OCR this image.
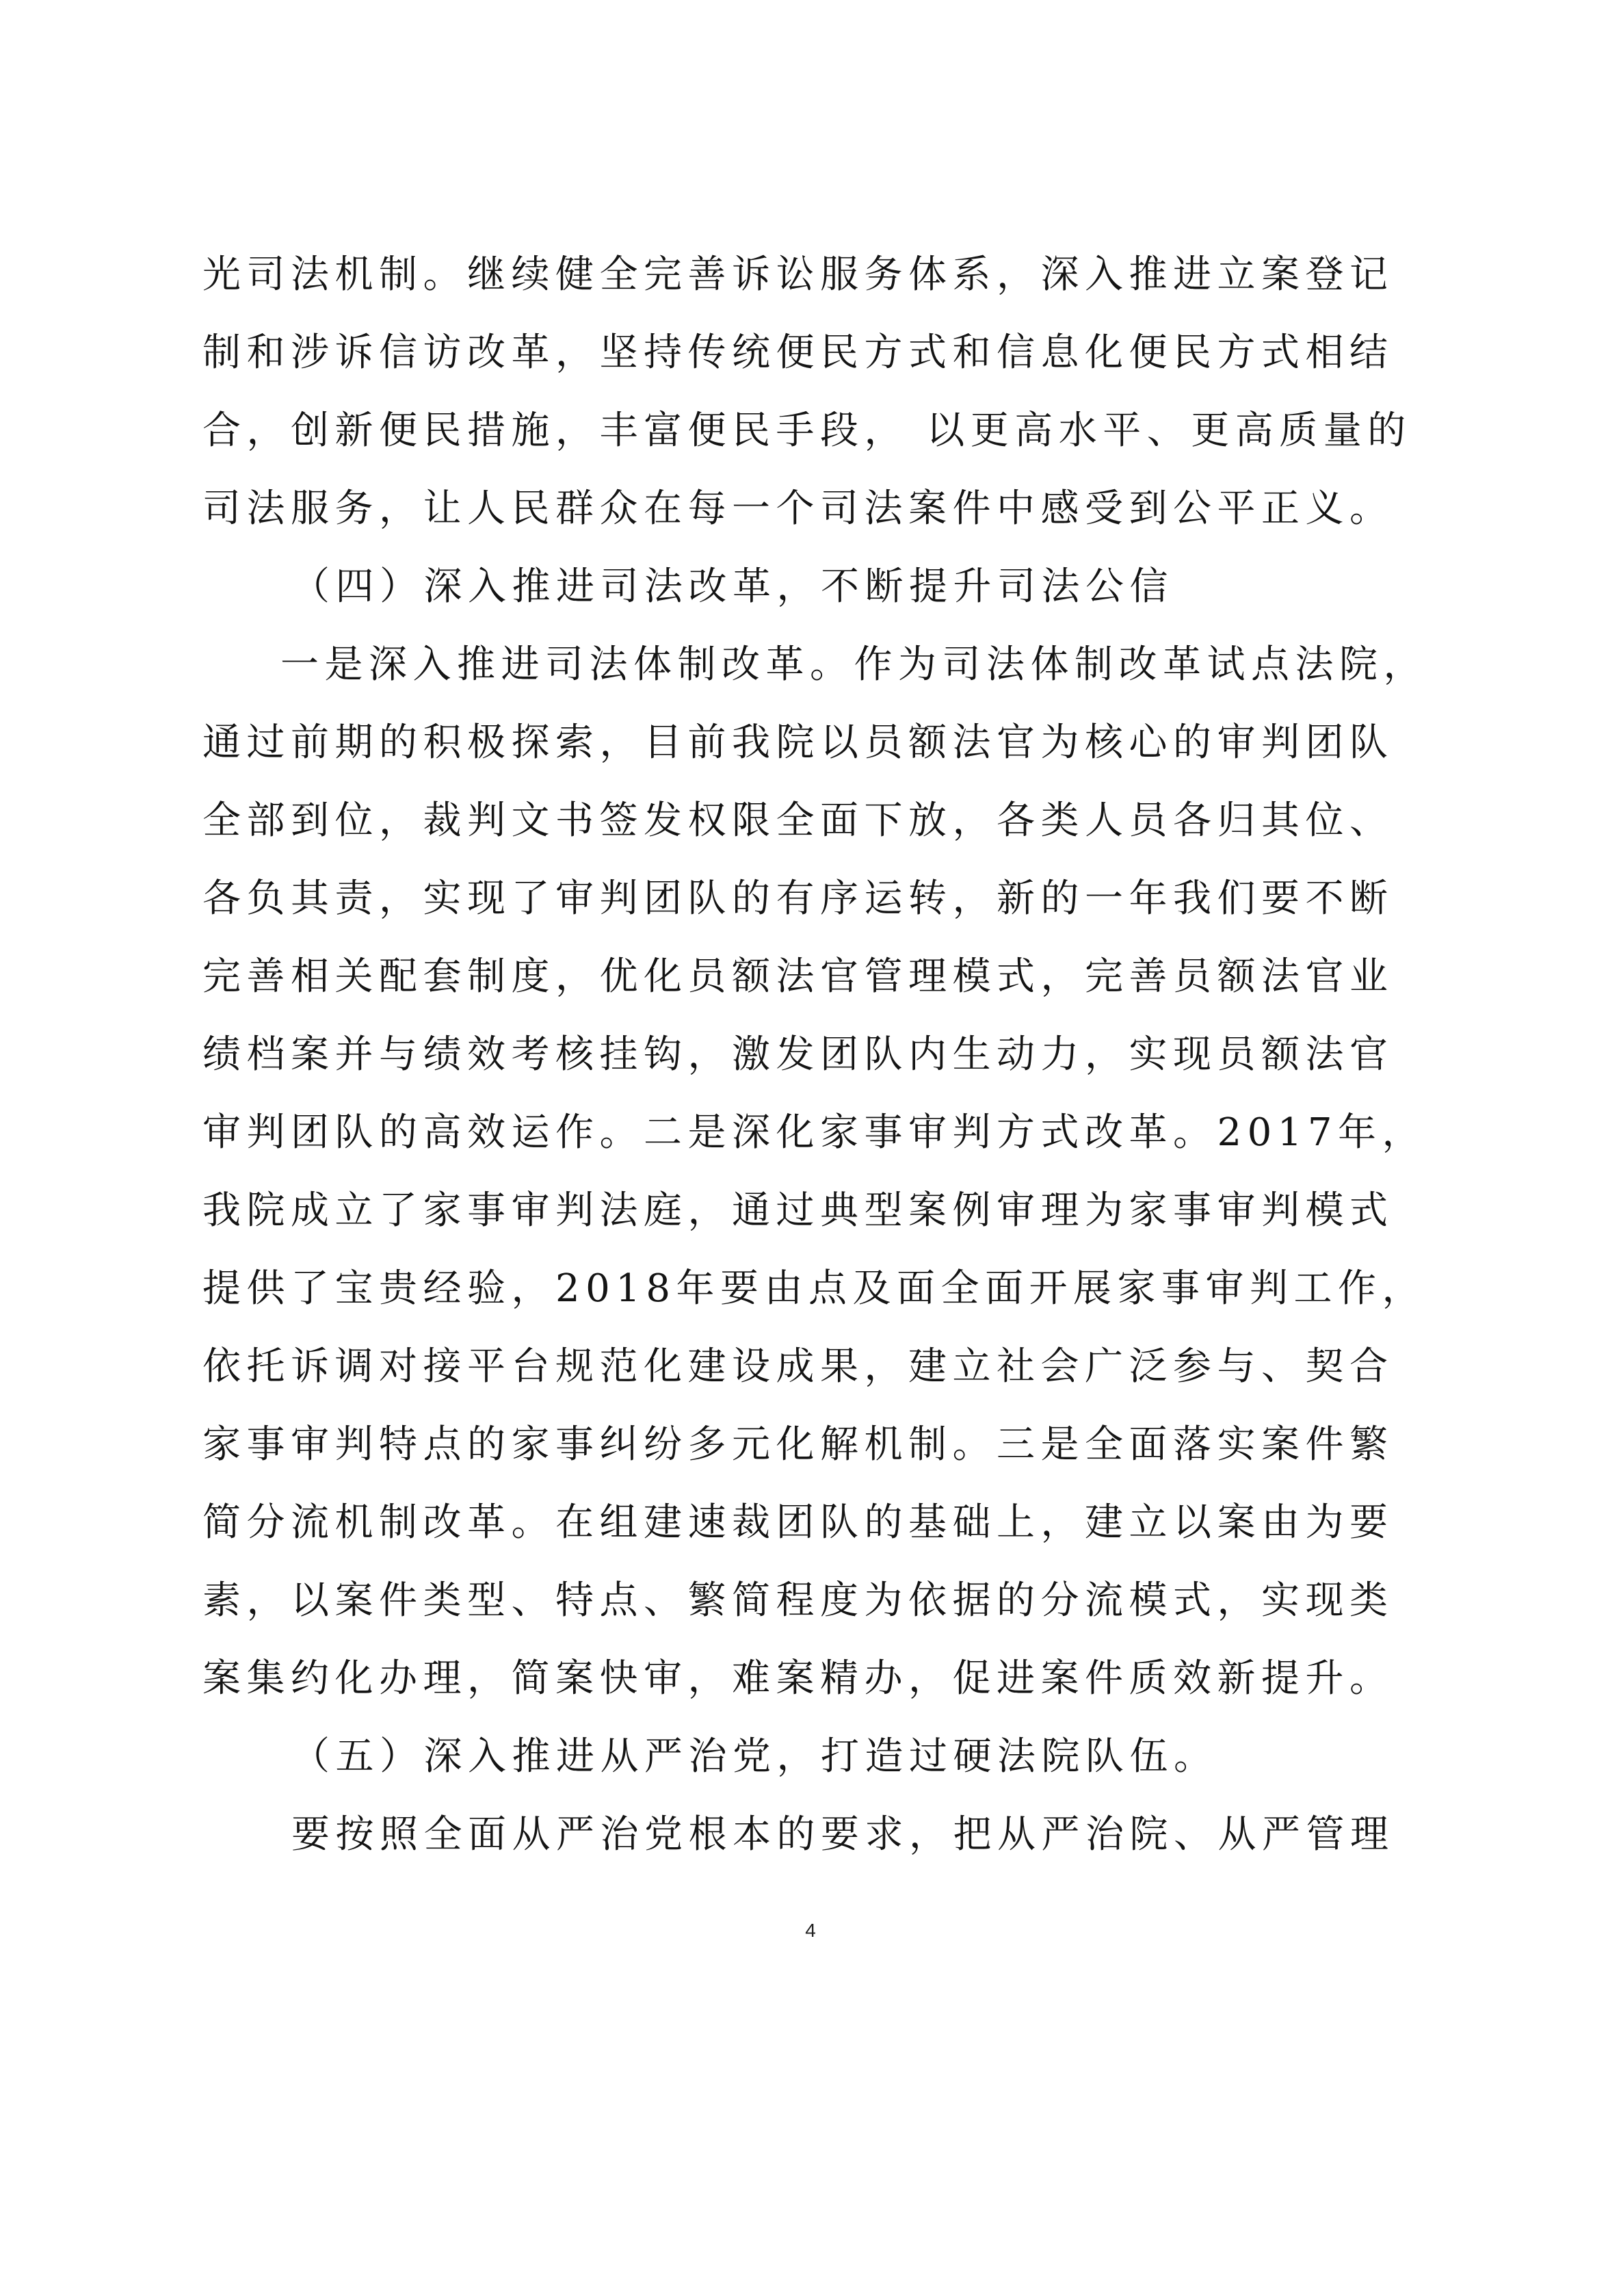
光司法机制。继续健全完善诉讼服务体系，深入推进立案登记
制和涉诉信访改革，坚持传统便民方式和信息化便民方式相结
合，创新便民措施，丰富便民手段， 以更高水平、更高质量的
司法服务，让人民群众在每一个司法案件中感受到公平正义。
（四）深入推进司法改革，不断提升司法公信
一是深入推进司法体制改革。作为司法体制改革试点法院，
通过前期的积极探索，目前我院以员额法官为核心的审判团队
全部到位，裁判文书签发权限全面下放，各类人员各归其位、
各负其责，实现了审判团队的有序运转，新的一年我们要不断
完善相关配套制度，优化员额法官管理模式，完善员额法官业
绩档案并与绩效考核挂钩，激发团队内生动力，实现员额法官
审判团队的高效运作。二是深化家事审判方式改革。2017年，
我院成立了家事审判法庭，通过典型案例审理为家事审判模式
提供了宝贵经验，2018年要由点及面全面开展家事审判工作，
依托诉调对接平台规范化建设成果，建立社会广泛参与、契合
家事审判特点的家事纠纷多元化解机制。三是全面落实案件繁
简分流机制改革。在组建速裁团队的基础上，建立以案由为要
素，以案件类型、特点、繁简程度为依据的分流模式，实现类
案集约化办理，简案快审，难案精办，促进案件质效新提升。
（五）深入推进从严治党，打造过硬法院队伍。
要按照全面从严治党根本的要求，把从严治院、从严管理
4
